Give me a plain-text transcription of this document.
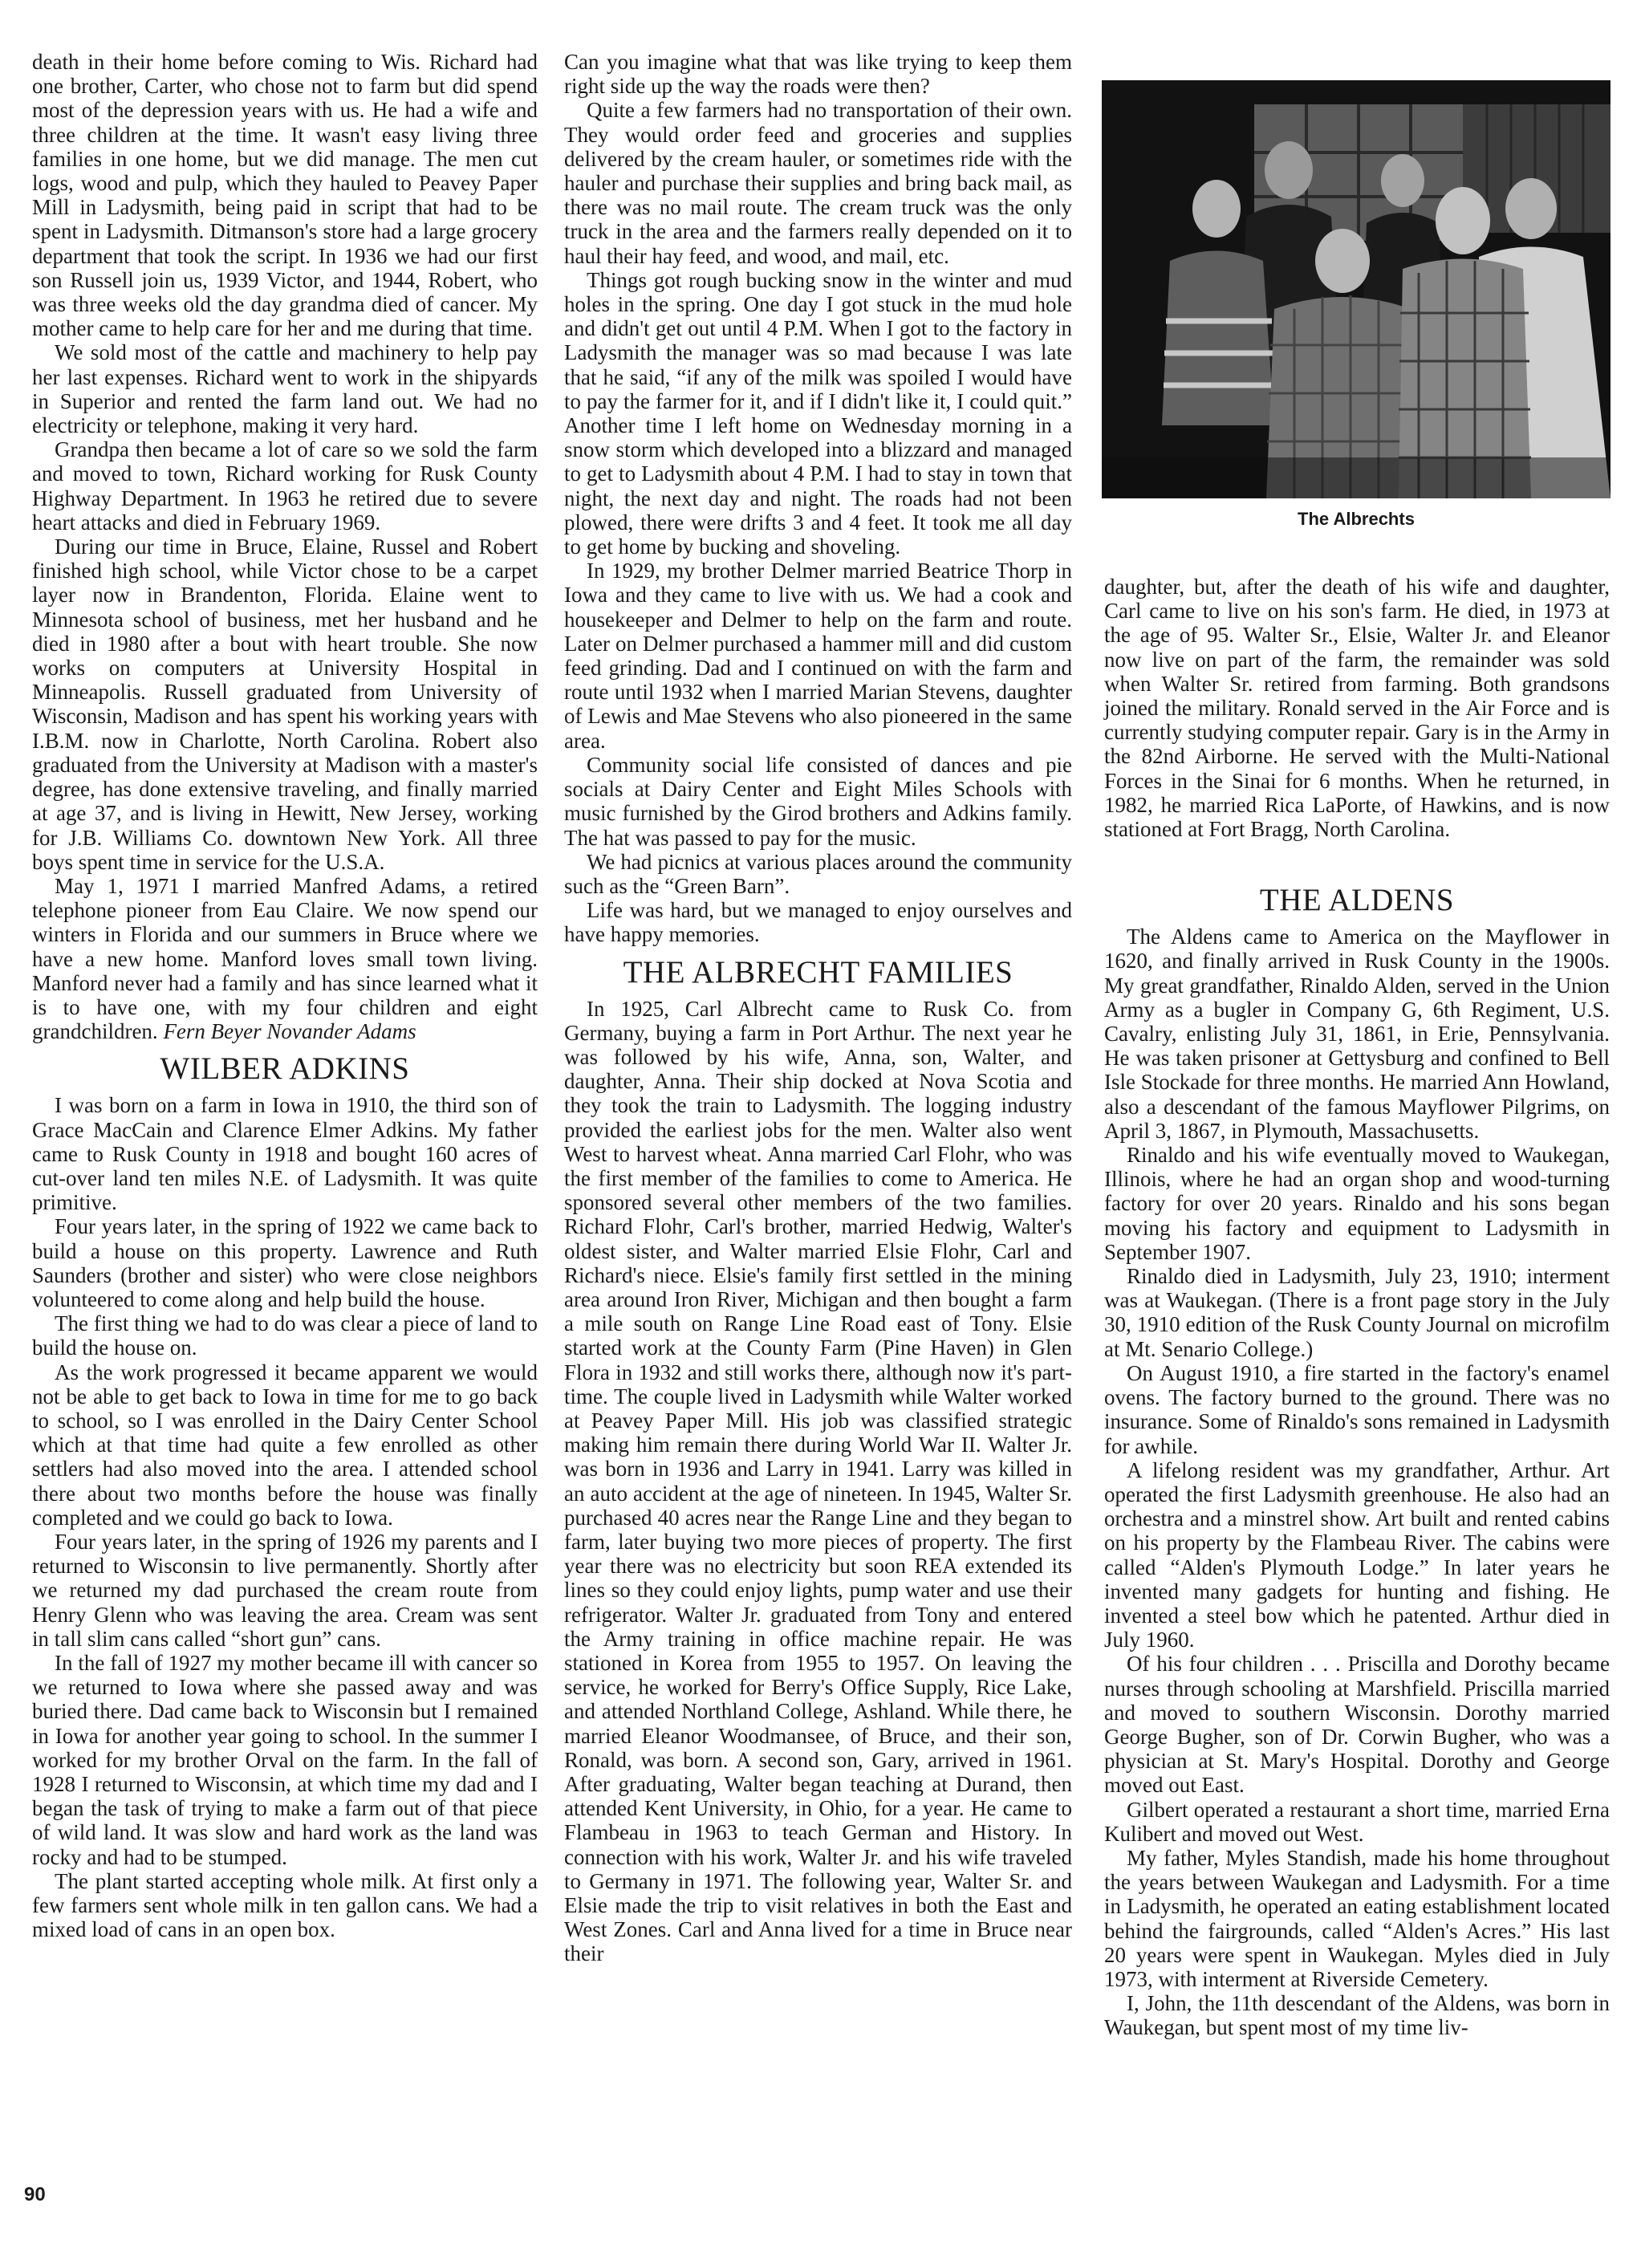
death in their home before coming to Wis. Richard had one brother, Carter, who chose not to farm but did spend most of the depression years with us. He had a wife and three children at the time. It wasn't easy living three families in one home, but we did manage. The men cut logs, wood and pulp, which they hauled to Peavey Paper Mill in Ladysmith, being paid in script that had to be spent in Ladysmith. Ditmanson's store had a large grocery department that took the script. In 1936 we had our first son Russell join us, 1939 Victor, and 1944, Robert, who was three weeks old the day grandma died of cancer. My mother came to help care for her and me during that time.

We sold most of the cattle and machinery to help pay her last expenses. Richard went to work in the shipyards in Superior and rented the farm land out. We had no electricity or telephone, making it very hard.

Grandpa then became a lot of care so we sold the farm and moved to town, Richard working for Rusk County Highway Department. In 1963 he retired due to severe heart attacks and died in February 1969.

During our time in Bruce, Elaine, Russel and Robert finished high school, while Victor chose to be a carpet layer now in Brandenton, Florida. Elaine went to Minnesota school of business, met her husband and he died in 1980 after a bout with heart trouble. She now works on computers at University Hospital in Minneapolis. Russell graduated from University of Wisconsin, Madison and has spent his working years with I.B.M. now in Charlotte, North Carolina. Robert also graduated from the University at Madison with a master's degree, has done extensive traveling, and finally married at age 37, and is living in Hewitt, New Jersey, working for J.B. Williams Co. downtown New York. All three boys spent time in service for the U.S.A.

May 1, 1971 I married Manfred Adams, a retired telephone pioneer from Eau Claire. We now spend our winters in Florida and our summers in Bruce where we have a new home. Manford loves small town living. Manford never had a family and has since learned what it is to have one, with my four children and eight grandchildren. Fern Beyer Novander Adams

WILBER ADKINS

I was born on a farm in Iowa in 1910, the third son of Grace MacCain and Clarence Elmer Adkins. My father came to Rusk County in 1918 and bought 160 acres of cut-over land ten miles N.E. of Ladysmith. It was quite primitive.

Four years later, in the spring of 1922 we came back to build a house on this property. Lawrence and Ruth Saunders (brother and sister) who were close neighbors volunteered to come along and help build the house.

The first thing we had to do was clear a piece of land to build the house on.

As the work progressed it became apparent we would not be able to get back to Iowa in time for me to go back to school, so I was enrolled in the Dairy Center School which at that time had quite a few enrolled as other settlers had also moved into the area. I attended school there about two months before the house was finally completed and we could go back to Iowa.

Four years later, in the spring of 1926 my parents and I returned to Wisconsin to live permanently. Shortly after we returned my dad purchased the cream route from Henry Glenn who was leaving the area. Cream was sent in tall slim cans called “short gun” cans.

In the fall of 1927 my mother became ill with cancer so we returned to Iowa where she passed away and was buried there. Dad came back to Wisconsin but I remained in Iowa for another year going to school. In the summer I worked for my brother Orval on the farm. In the fall of 1928 I returned to Wisconsin, at which time my dad and I began the task of trying to make a farm out of that piece of wild land. It was slow and hard work as the land was rocky and had to be stumped.

The plant started accepting whole milk. At first only a few farmers sent whole milk in ten gallon cans. We had a mixed load of cans in an open box.

Can you imagine what that was like trying to keep them right side up the way the roads were then?

Quite a few farmers had no transportation of their own. They would order feed and groceries and supplies delivered by the cream hauler, or sometimes ride with the hauler and purchase their supplies and bring back mail, as there was no mail route. The cream truck was the only truck in the area and the farmers really depended on it to haul their hay feed, and wood, and mail, etc.

Things got rough bucking snow in the winter and mud holes in the spring. One day I got stuck in the mud hole and didn't get out until 4 P.M. When I got to the factory in Ladysmith the manager was so mad because I was late that he said, “if any of the milk was spoiled I would have to pay the farmer for it, and if I didn't like it, I could quit.” Another time I left home on Wednesday morning in a snow storm which developed into a blizzard and managed to get to Ladysmith about 4 P.M. I had to stay in town that night, the next day and night. The roads had not been plowed, there were drifts 3 and 4 feet. It took me all day to get home by bucking and shoveling.

In 1929, my brother Delmer married Beatrice Thorp in Iowa and they came to live with us. We had a cook and housekeeper and Delmer to help on the farm and route. Later on Delmer purchased a hammer mill and did custom feed grinding. Dad and I continued on with the farm and route until 1932 when I married Marian Stevens, daughter of Lewis and Mae Stevens who also pioneered in the same area.

Community social life consisted of dances and pie socials at Dairy Center and Eight Miles Schools with music furnished by the Girod brothers and Adkins family. The hat was passed to pay for the music.

We had picnics at various places around the community such as the “Green Barn”.

Life was hard, but we managed to enjoy ourselves and have happy memories.

THE ALBRECHT FAMILIES

In 1925, Carl Albrecht came to Rusk Co. from Germany, buying a farm in Port Arthur. The next year he was followed by his wife, Anna, son, Walter, and daughter, Anna. Their ship docked at Nova Scotia and they took the train to Ladysmith. The logging industry provided the earliest jobs for the men. Walter also went West to harvest wheat. Anna married Carl Flohr, who was the first member of the families to come to America. He sponsored several other members of the two families. Richard Flohr, Carl's brother, married Hedwig, Walter's oldest sister, and Walter married Elsie Flohr, Carl and Richard's niece. Elsie's family first settled in the mining area around Iron River, Michigan and then bought a farm a mile south on Range Line Road east of Tony. Elsie started work at the County Farm (Pine Haven) in Glen Flora in 1932 and still works there, although now it's part-time. The couple lived in Ladysmith while Walter worked at Peavey Paper Mill. His job was classified strategic making him remain there during World War II. Walter Jr. was born in 1936 and Larry in 1941. Larry was killed in an auto accident at the age of nineteen. In 1945, Walter Sr. purchased 40 acres near the Range Line and they began to farm, later buying two more pieces of property. The first year there was no electricity but soon REA extended its lines so they could enjoy lights, pump water and use their refrigerator. Walter Jr. graduated from Tony and entered the Army training in office machine repair. He was stationed in Korea from 1955 to 1957. On leaving the service, he worked for Berry's Office Supply, Rice Lake, and attended Northland College, Ashland. While there, he married Eleanor Woodmansee, of Bruce, and their son, Ronald, was born. A second son, Gary, arrived in 1961. After graduating, Walter began teaching at Durand, then attended Kent University, in Ohio, for a year. He came to Flambeau in 1963 to teach German and History. In connection with his work, Walter Jr. and his wife traveled to Germany in 1971. The following year, Walter Sr. and Elsie made the trip to visit relatives in both the East and West Zones. Carl and Anna lived for a time in Bruce near their

The Albrechts

daughter, but, after the death of his wife and daughter, Carl came to live on his son's farm. He died, in 1973 at the age of 95. Walter Sr., Elsie, Walter Jr. and Eleanor now live on part of the farm, the remainder was sold when Walter Sr. retired from farming. Both grandsons joined the military. Ronald served in the Air Force and is currently studying computer repair. Gary is in the Army in the 82nd Airborne. He served with the Multi-National Forces in the Sinai for 6 months. When he returned, in 1982, he married Rica LaPorte, of Hawkins, and is now stationed at Fort Bragg, North Carolina.

THE ALDENS

The Aldens came to America on the Mayflower in 1620, and finally arrived in Rusk County in the 1900s. My great grandfather, Rinaldo Alden, served in the Union Army as a bugler in Company G, 6th Regiment, U.S. Cavalry, enlisting July 31, 1861, in Erie, Pennsylvania. He was taken prisoner at Gettysburg and confined to Bell Isle Stockade for three months. He married Ann Howland, also a descendant of the famous Mayflower Pilgrims, on April 3, 1867, in Plymouth, Massachusetts.

Rinaldo and his wife eventually moved to Waukegan, Illinois, where he had an organ shop and wood-turning factory for over 20 years. Rinaldo and his sons began moving his factory and equipment to Ladysmith in September 1907.

Rinaldo died in Ladysmith, July 23, 1910; interment was at Waukegan. (There is a front page story in the July 30, 1910 edition of the Rusk County Journal on microfilm at Mt. Senario College.)

On August 1910, a fire started in the factory's enamel ovens. The factory burned to the ground. There was no insurance. Some of Rinaldo's sons remained in Ladysmith for awhile.

A lifelong resident was my grandfather, Arthur. Art operated the first Ladysmith greenhouse. He also had an orchestra and a minstrel show. Art built and rented cabins on his property by the Flambeau River. The cabins were called “Alden's Plymouth Lodge.” In later years he invented many gadgets for hunting and fishing. He invented a steel bow which he patented. Arthur died in July 1960.

Of his four children . . . Priscilla and Dorothy became nurses through schooling at Marshfield. Priscilla married and moved to southern Wisconsin. Dorothy married George Bugher, son of Dr. Corwin Bugher, who was a physician at St. Mary's Hospital. Dorothy and George moved out East.

Gilbert operated a restaurant a short time, married Erna Kulibert and moved out West.

My father, Myles Standish, made his home throughout the years between Waukegan and Ladysmith. For a time in Ladysmith, he operated an eating establishment located behind the fairgrounds, called “Alden's Acres.” His last 20 years were spent in Waukegan. Myles died in July 1973, with interment at Riverside Cemetery.

I, John, the 11th descendant of the Aldens, was born in Waukegan, but spent most of my time liv-

90
